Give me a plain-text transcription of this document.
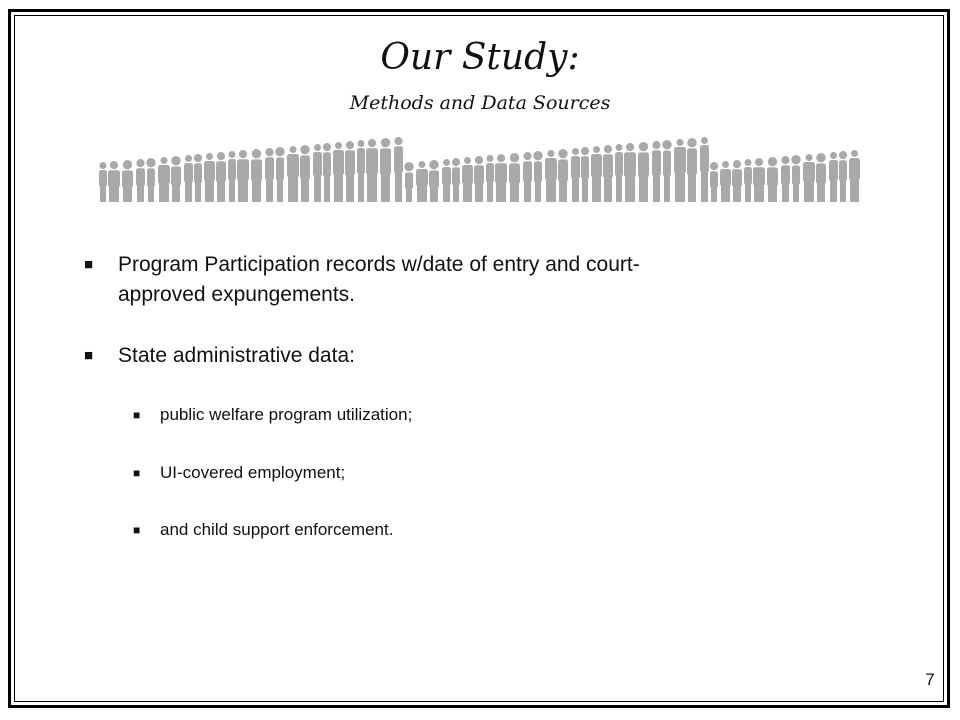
Our Study:
Methods and Data Sources
■ Program Participation records w/date of entry and court-
approved expungements.
■ State administrative data:
■ public welfare program utilization;
■ UI-covered employment;
■ and child support enforcement.
7
